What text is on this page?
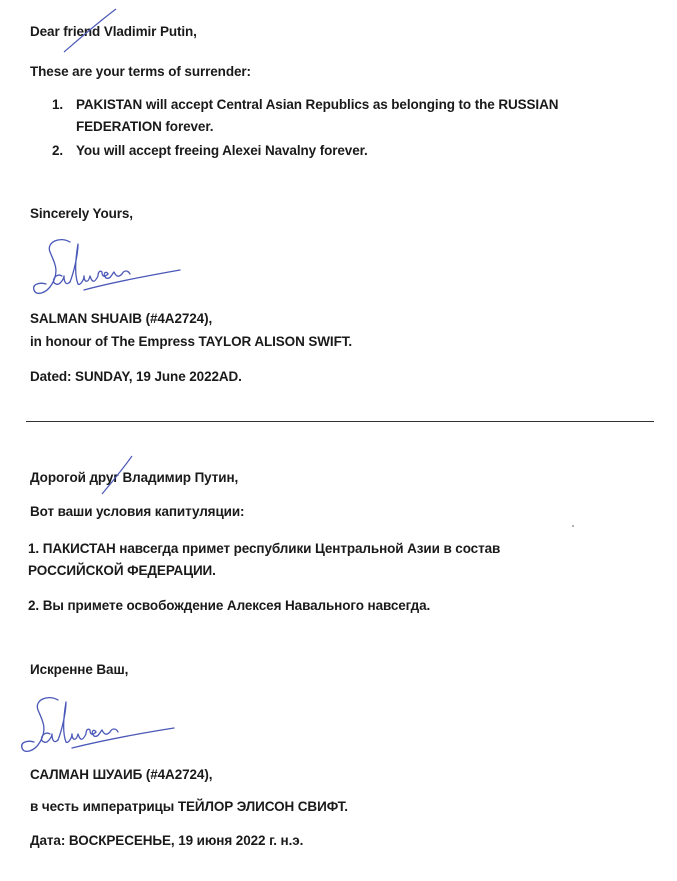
Dear friend Vladimir Putin,
These are your terms of surrender:
1. PAKISTAN will accept Central Asian Republics as belonging to the RUSSIAN
FEDERATION forever.
2. You will accept freeing Alexei Navalny forever.
Sincerely Yours,
SALMAN SHUAIB (#4A2724),
in honour of The Empress TAYLOR ALISON SWIFT.
Dated: SUNDAY, 19 June 2022AD.
Дорогой друг Владимир Путин,
Вот ваши условия капитуляции:
1. ПАКИСТАН навсегда примет республики Центральной Азии в состав
РОССИЙСКОЙ ФЕДЕРАЦИИ.
2. Вы примете освобождение Алексея Навального навсегда.
Искренне Ваш,
САЛМАН ШУАИБ (#4A2724),
в честь императрицы ТЕЙЛОР ЭЛИСОН СВИФТ.
Дата: ВОСКРЕСЕНЬЕ, 19 июня 2022 г. н.э.
